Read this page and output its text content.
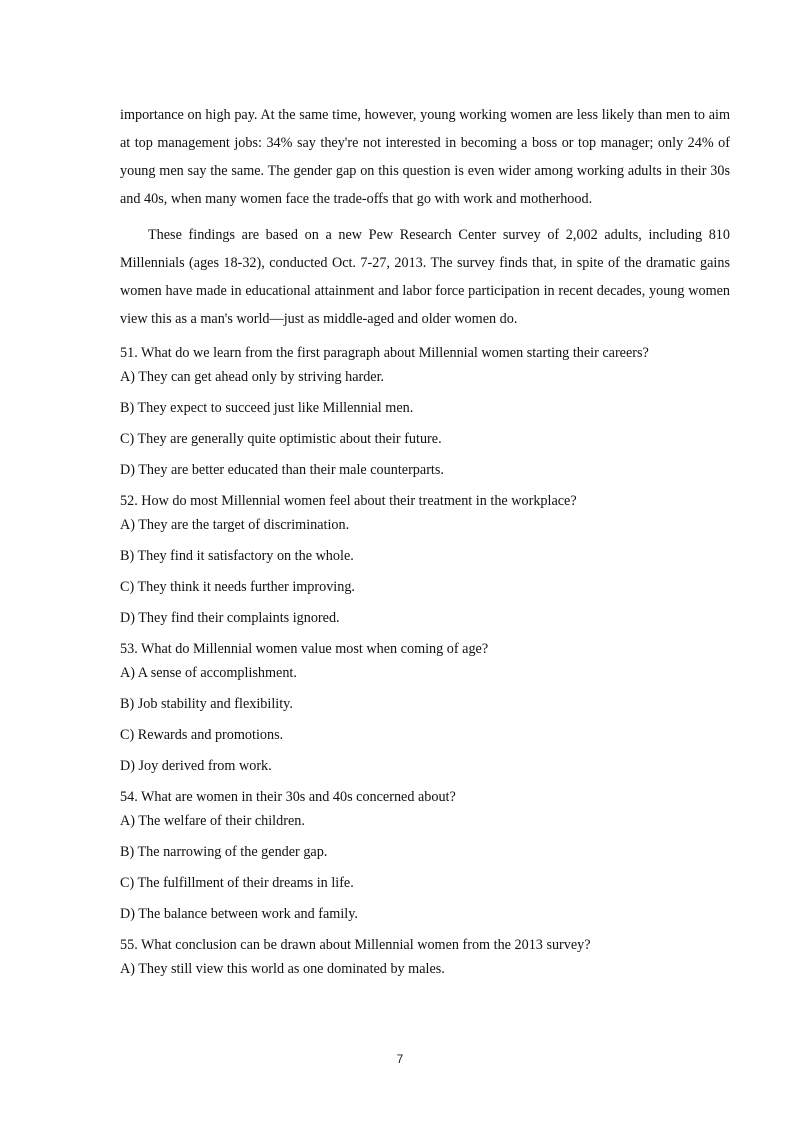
importance on high pay. At the same time, however, young working women are less likely than men to aim at top management jobs: 34% say they're not interested in becoming a boss or top manager; only 24% of young men say the same. The gender gap on this question is even wider among working adults in their 30s and 40s, when many women face the trade-offs that go with work and motherhood.

These findings are based on a new Pew Research Center survey of 2,002 adults, including 810 Millennials (ages 18-32), conducted Oct. 7-27, 2013. The survey finds that, in spite of the dramatic gains women have made in educational attainment and labor force participation in recent decades, young women view this as a man's world—just as middle-aged and older women do.

51. What do we learn from the first paragraph about Millennial women starting their careers?

A) They can get ahead only by striving harder.

B) They expect to succeed just like Millennial men.

C) They are generally quite optimistic about their future.

D) They are better educated than their male counterparts.

52. How do most Millennial women feel about their treatment in the workplace?

A) They are the target of discrimination.

B) They find it satisfactory on the whole.

C) They think it needs further improving.

D) They find their complaints ignored.

53. What do Millennial women value most when coming of age?

A) A sense of accomplishment.

B) Job stability and flexibility.

C) Rewards and promotions.

D) Joy derived from work.

54. What are women in their 30s and 40s concerned about?

A) The welfare of their children.

B) The narrowing of the gender gap.

C) The fulfillment of their dreams in life.

D) The balance between work and family.

55. What conclusion can be drawn about Millennial women from the 2013 survey?

A) They still view this world as one dominated by males.

7
